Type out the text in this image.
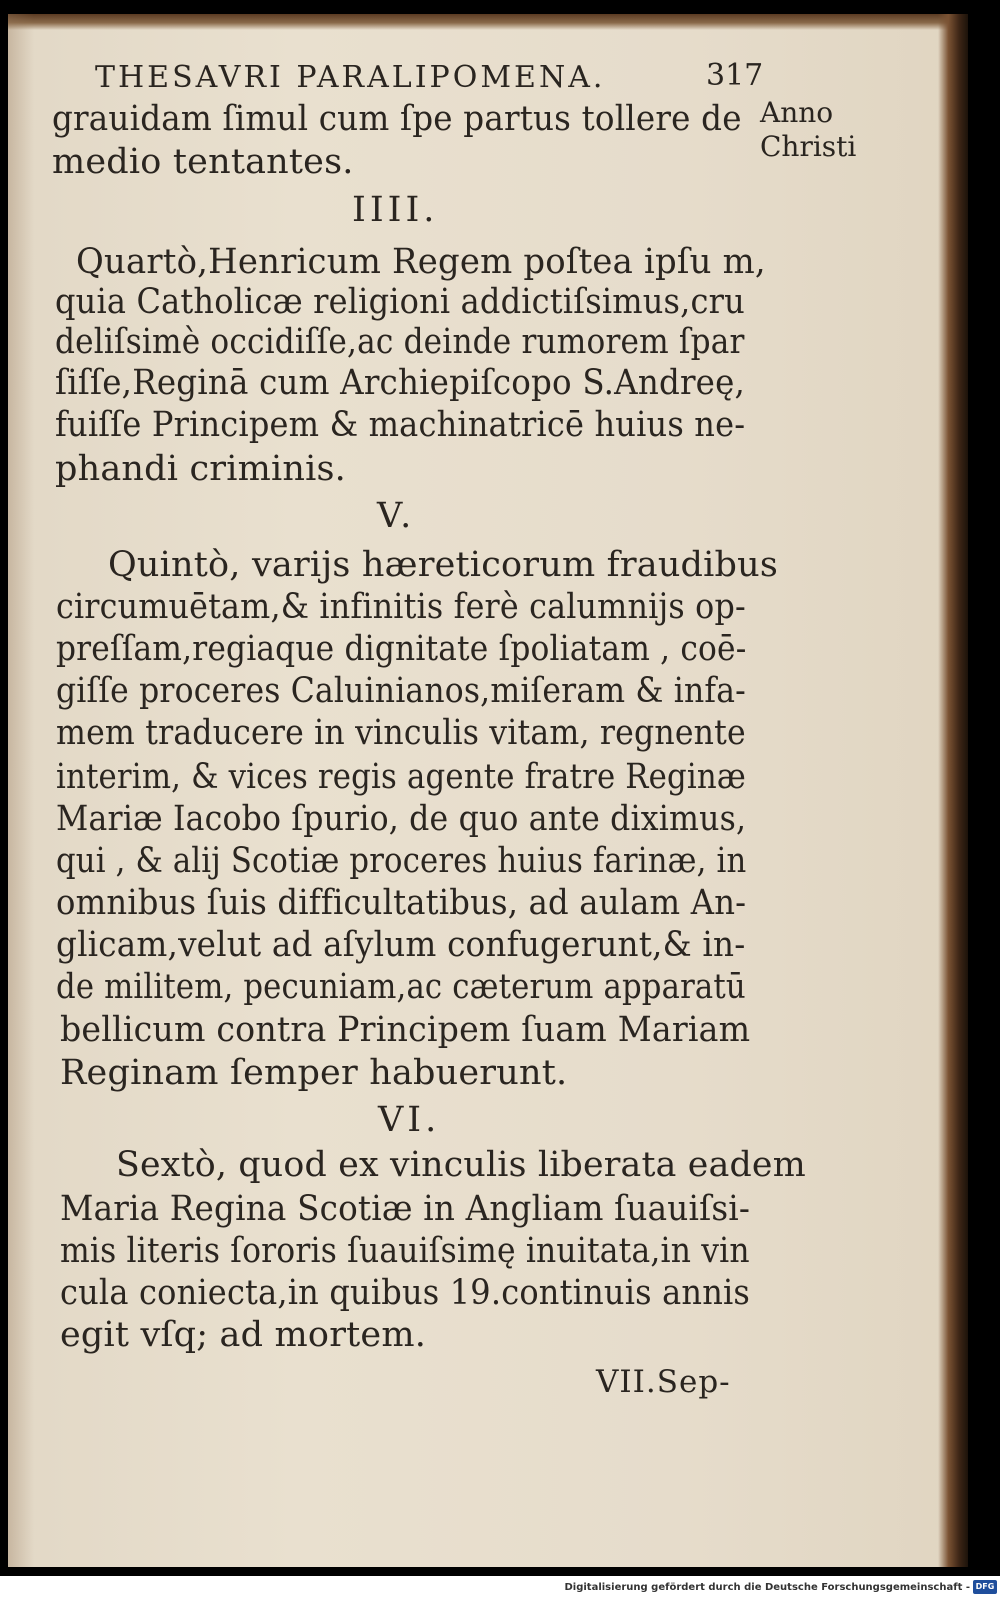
THESAVRI PARALIPOMENA.	317
Anno
Christi
grauidam ſimul cum ſpe partus tollere de
medio tentantes.
IIII.
Quartò,Henricum Regem poſtea ipſu m,
quia Catholicæ religioni addictiſsimus,cru
deliſsimè occidiſſe,ac deinde rumorem ſpar
ſiſſe,Reginā cum Archiepiſcopo S.Andreę,
fuiſſe Principem & machinatricē huius ne-
phandi criminis.
V.
Quintò, varijs hæreticorum fraudibus
circumuētam,& infinitis ferè calumnijs op-
preſſam,regiaque dignitate ſpoliatam , coē-
giſſe proceres Caluinianos,miſeram & infa-
mem traducere in vinculis vitam, regnente
interim, & vices regis agente fratre Reginæ
Mariæ Iacobo ſpurio, de quo ante diximus,
qui , & alij Scotiæ proceres huius farinæ, in
omnibus ſuis difficultatibus, ad aulam An-
glicam,velut ad aſylum confugerunt,& in-
de militem, pecuniam,ac cæterum apparatū
bellicum contra Principem ſuam Mariam
Reginam ſemper habuerunt.
VI.
Sextò, quod ex vinculis liberata eadem
Maria Regina Scotiæ in Angliam ſuauiſsi-
mis literis ſororis ſuauiſsimę inuitata,in vin
cula coniecta,in quibus 19.continuis annis
egit vſq; ad mortem.
VII.Sep-
Digitalisierung gefördert durch die Deutsche Forschungsgemeinschaft - DFG
